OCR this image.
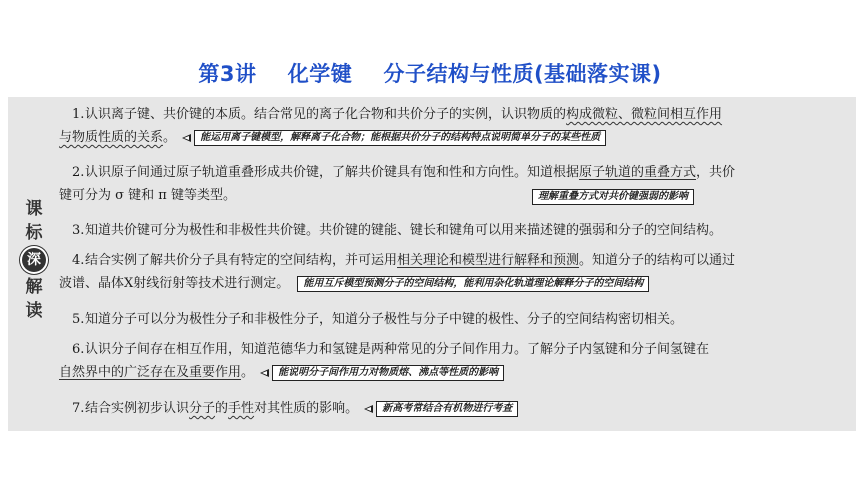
第3讲    化学键    分子结构与性质(基础落实课)
课
标
深
解
读
1.认识离子键、共价键的本质。结合常见的离子化合物和共价分子的实例，认识物质的构成微粒、微粒间相互作用
与物质性质的关系。 能运用离子键模型，解释离子化合物；能根据共价分子的结构特点说明简单分子的某些性质
2.认识原子间通过原子轨道重叠形成共价键，了解共价键具有饱和性和方向性。知道根据原子轨道的重叠方式，共价
键可分为 σ 键和 π 键等类型。	理解重叠方式对共价键强弱的影响
3.知道共价键可分为极性和非极性共价键。共价键的键能、键长和键角可以用来描述键的强弱和分子的空间结构。
4.结合实例了解共价分子具有特定的空间结构，并可运用相关理论和模型进行解释和预测。知道分子的结构可以通过
波谱、晶体X射线衍射等技术进行测定。 能用互斥模型预测分子的空间结构，能利用杂化轨道理论解释分子的空间结构
5.知道分子可以分为极性分子和非极性分子，知道分子极性与分子中键的极性、分子的空间结构密切相关。
6.认识分子间存在相互作用，知道范德华力和氢键是两种常见的分子间作用力。了解分子内氢键和分子间氢键在
自然界中的广泛存在及重要作用。 能说明分子间作用力对物质熔、沸点等性质的影响
7.结合实例初步认识分子的手性对其性质的影响。 新高考常结合有机物进行考查
